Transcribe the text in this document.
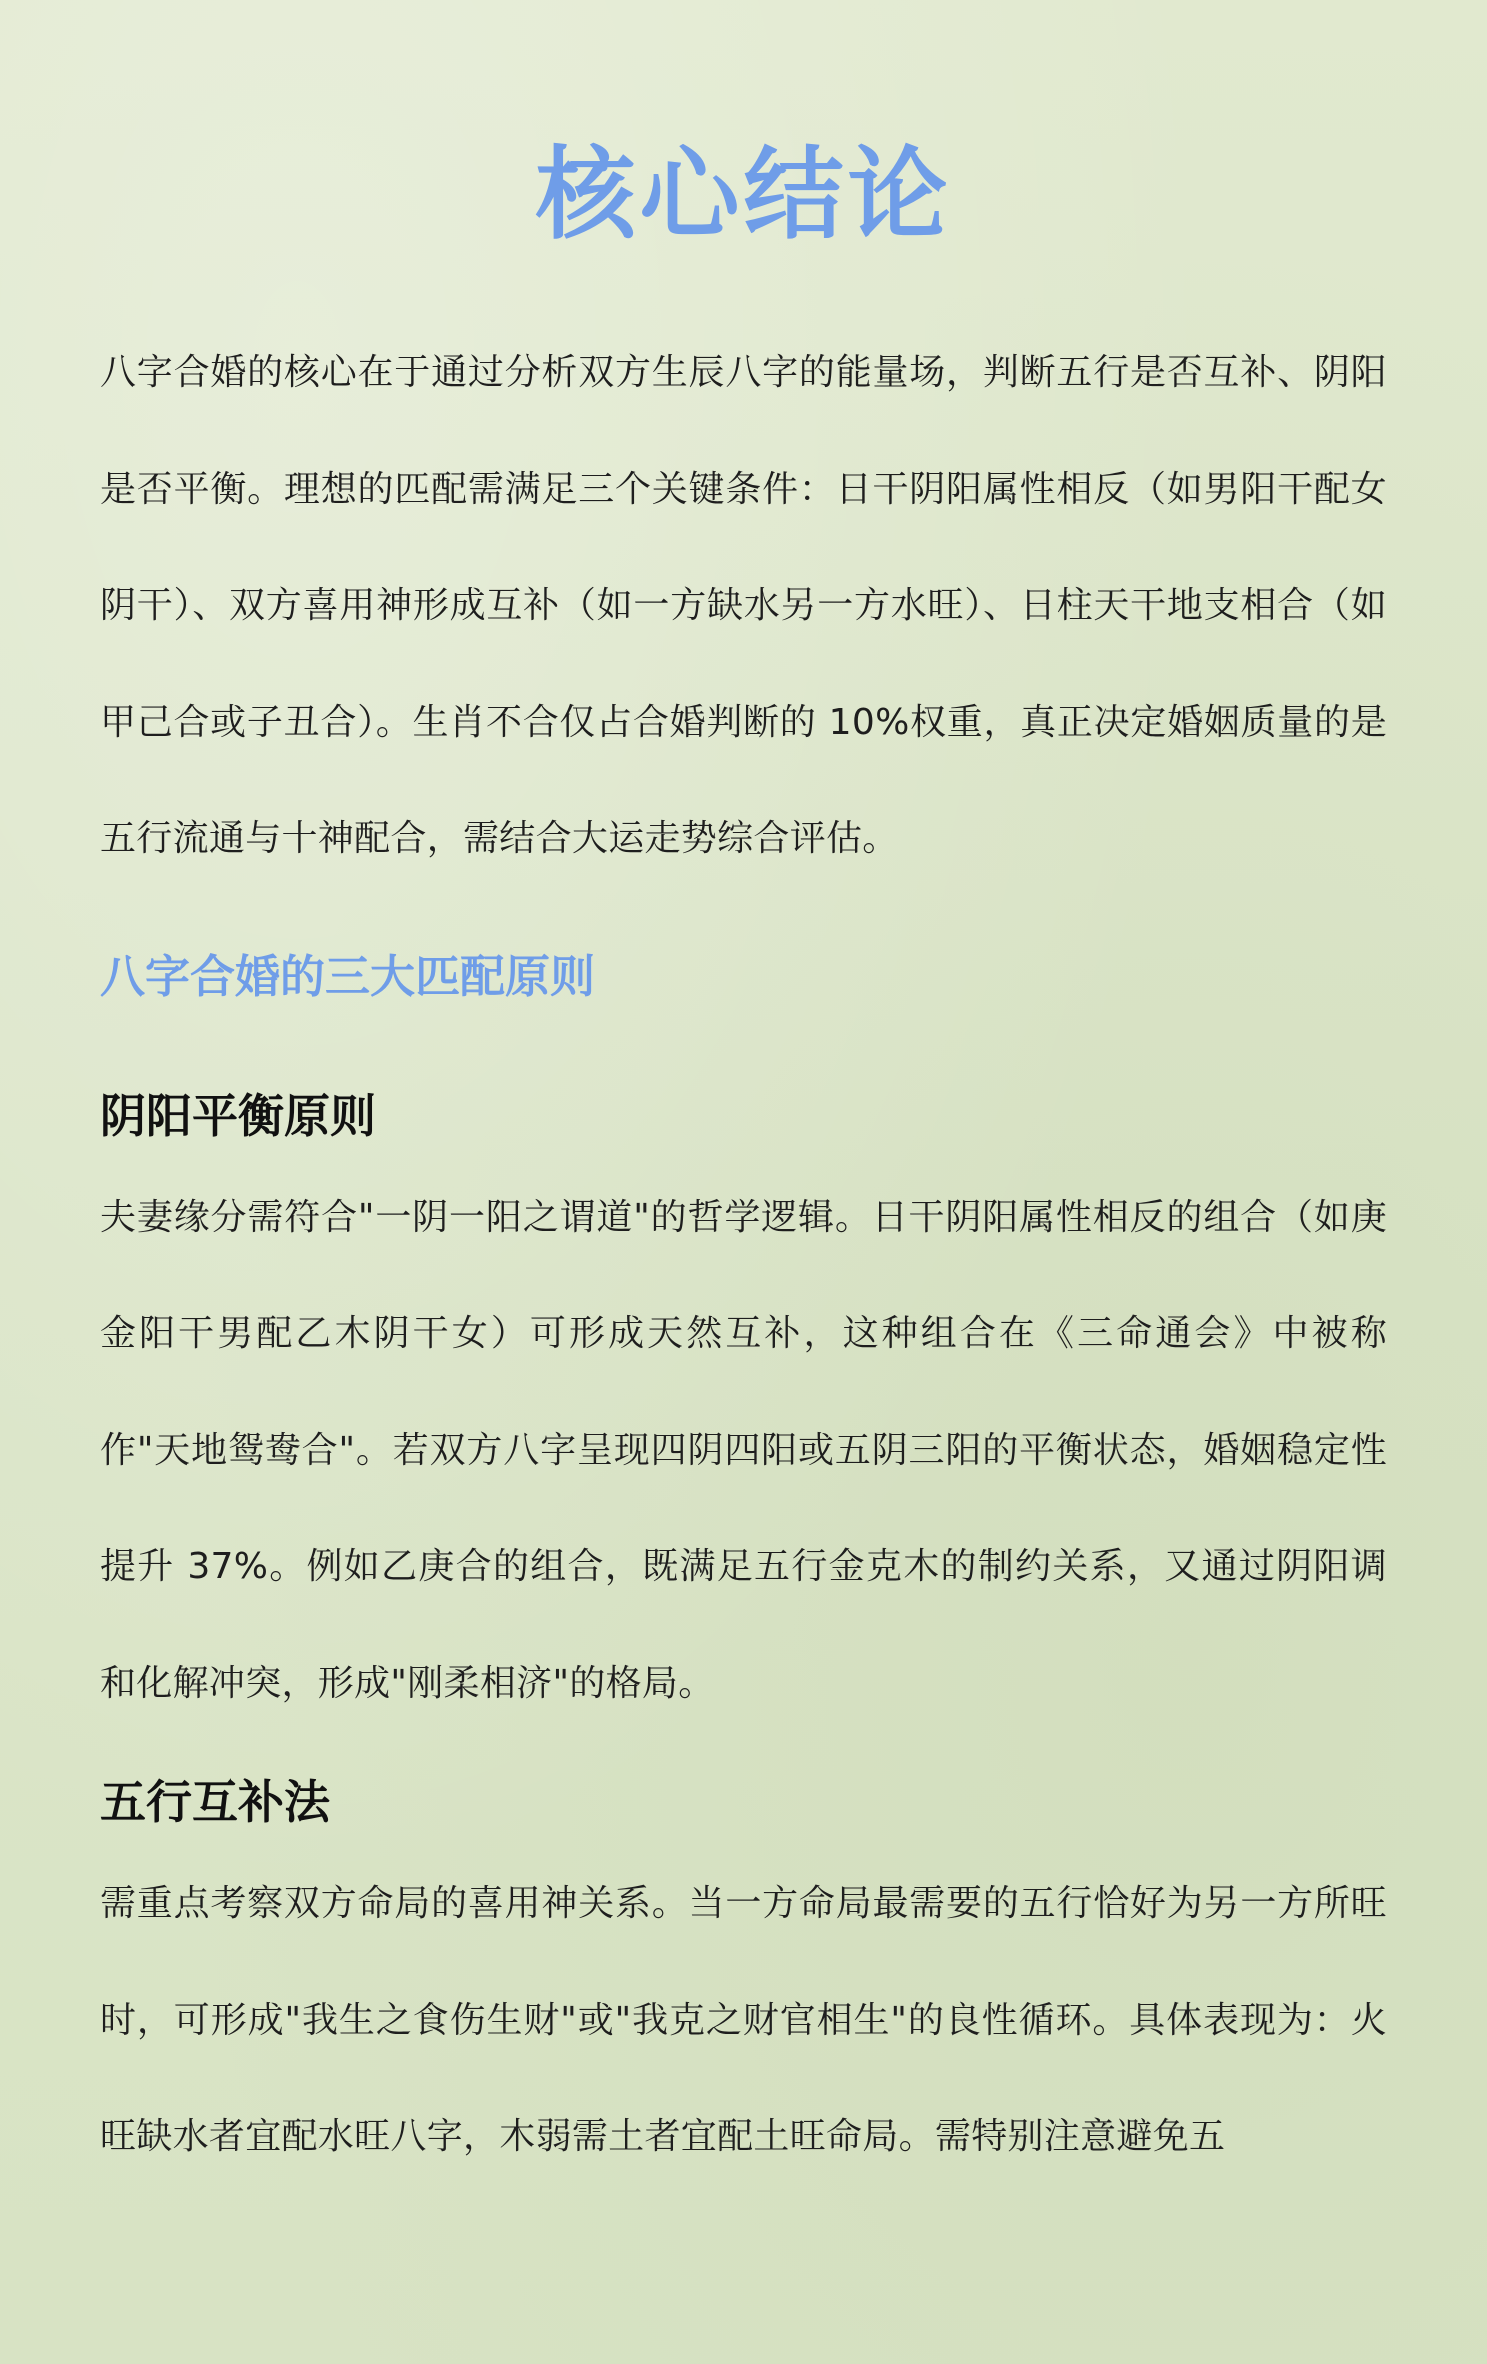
核心结论

八字合婚的核心在于通过分析双方生辰八字的能量场，判断五行是否互补、阴阳是否平衡。理想的匹配需满足三个关键条件：日干阴阳属性相反（如男阳干配女阴干）、双方喜用神形成互补（如一方缺水另一方水旺）、日柱天干地支相合（如甲己合或子丑合）。生肖不合仅占合婚判断的 10%权重，真正决定婚姻质量的是五行流通与十神配合，需结合大运走势综合评估。

八字合婚的三大匹配原则
阴阳平衡原则

夫妻缘分需符合"一阴一阳之谓道"的哲学逻辑。日干阴阳属性相反的组合（如庚金阳干男配乙木阴干女）可形成天然互补，这种组合在《三命通会》中被称作"天地鸳鸯合"。若双方八字呈现四阴四阳或五阴三阳的平衡状态，婚姻稳定性提升 37%。例如乙庚合的组合，既满足五行金克木的制约关系，又通过阴阳调和化解冲突，形成"刚柔相济"的格局。

五行互补法

需重点考察双方命局的喜用神关系。当一方命局最需要的五行恰好为另一方所旺时，可形成"我生之食伤生财"或"我克之财官相生"的良性循环。具体表现为：火旺缺水者宜配水旺八字，木弱需土者宜配土旺命局。需特别注意避免五
